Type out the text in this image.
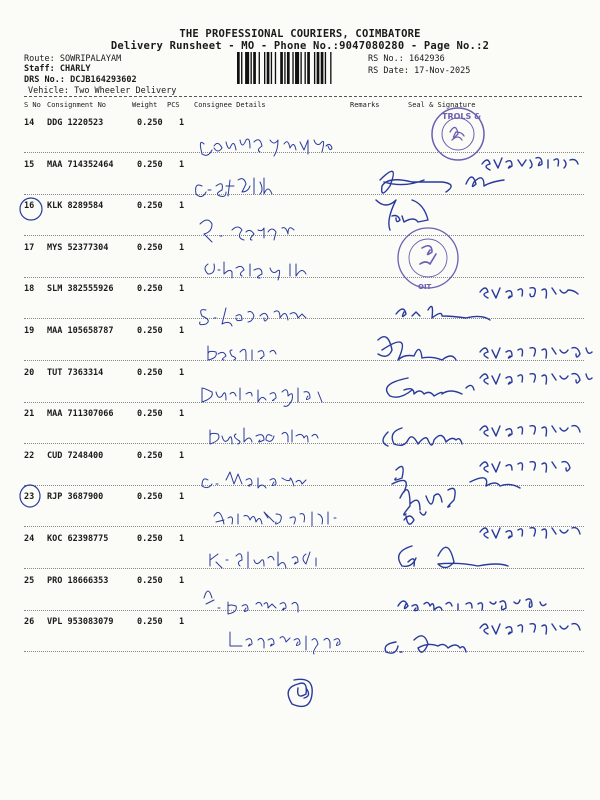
THE PROFESSIONAL COURIERS, COIMBATORE
Delivery Runsheet - MO - Phone No.:9047080280 - Page No.:2
Route: SOWRIPALAYAM
Staff: CHARLY
DRS No.: DCJB164293602
Vehicle: Two Wheeler Delivery
RS No.: 1642936
RS Date: 17-Nov-2025
S No Consignment No	Weight PCS Consignee Details	Remarks	Seal & Signature
14 DDG 1220523	0.250 1
15 MAA 714352464	0.250 1
16 KLK 8289584	0.250 1
17 MYS 52377304	0.250 1
18 SLM 382555926	0.250 1
19 MAA 105658787	0.250 1
20 TUT 7363314	0.250 1
21 MAA 711307066	0.250 1
22 CUD 7248400	0.250 1
23 RJP 3687900	0.250 1
24 KOC 62398775	0.250 1
25 PRO 18666353	0.250 1
26 VPL 953083079	0.250 1
TROLS &
OIT
